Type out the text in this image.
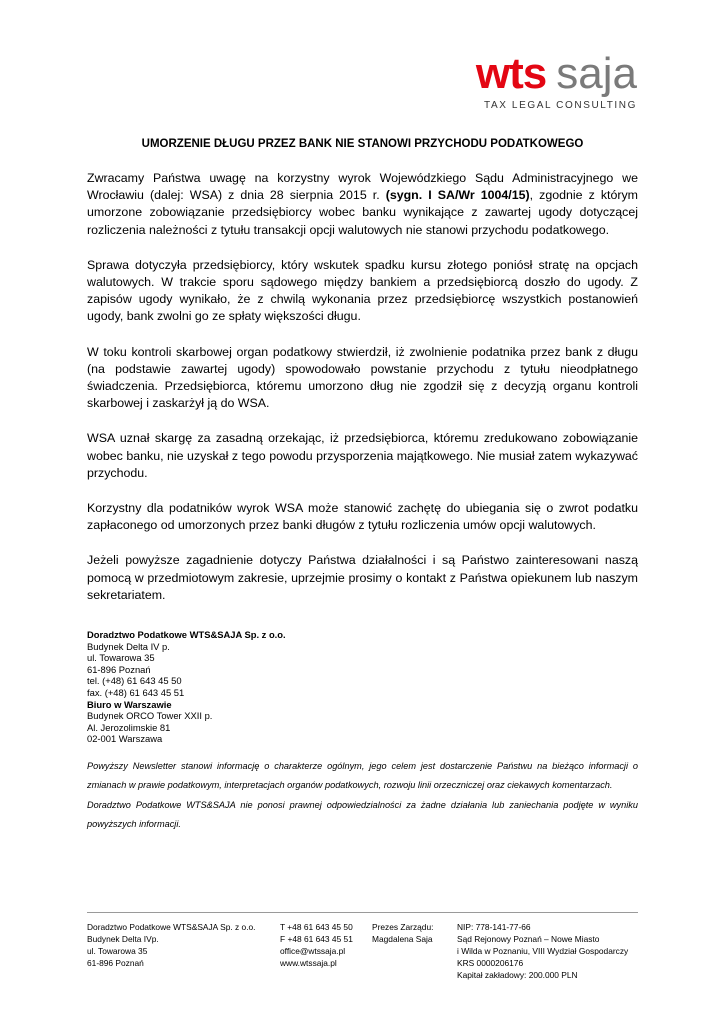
wts saja
TAX LEGAL CONSULTING
UMORZENIE DŁUGU PRZEZ BANK NIE STANOWI PRZYCHODU PODATKOWEGO

Zwracamy Państwa uwagę na korzystny wyrok Wojewódzkiego Sądu Administracyjnego we Wrocławiu (dalej: WSA) z dnia 28 sierpnia 2015 r. (sygn. I SA/Wr 1004/15), zgodnie z którym umorzone zobowiązanie przedsiębiorcy wobec banku wynikające z zawartej ugody dotyczącej rozliczenia należności z tytułu transakcji opcji walutowych nie stanowi przychodu podatkowego.

Sprawa dotyczyła przedsiębiorcy, który wskutek spadku kursu złotego poniósł stratę na opcjach walutowych. W trakcie sporu sądowego między bankiem a przedsiębiorcą doszło do ugody. Z zapisów ugody wynikało, że z chwilą wykonania przez przedsiębiorcę wszystkich postanowień ugody, bank zwolni go ze spłaty większości długu.

W toku kontroli skarbowej organ podatkowy stwierdził, iż zwolnienie podatnika przez bank z długu (na podstawie zawartej ugody) spowodowało powstanie przychodu z tytułu nieodpłatnego świadczenia. Przedsiębiorca, któremu umorzono dług nie zgodził się z decyzją organu kontroli skarbowej i zaskarżył ją do WSA.

WSA uznał skargę za zasadną orzekając, iż przedsiębiorca, któremu zredukowano zobowiązanie wobec banku, nie uzyskał z tego powodu przysporzenia majątkowego. Nie musiał zatem wykazywać przychodu.

Korzystny dla podatników wyrok WSA może stanowić zachętę do ubiegania się o zwrot podatku zapłaconego od umorzonych przez banki długów z tytułu rozliczenia umów opcji walutowych.

Jeżeli powyższe zagadnienie dotyczy Państwa działalności i są Państwo zainteresowani naszą pomocą w przedmiotowym zakresie, uprzejmie prosimy o kontakt z Państwa opiekunem lub naszym sekretariatem.

Doradztwo Podatkowe WTS&SAJA Sp. z o.o.
Budynek Delta IV p.
ul. Towarowa 35
61-896 Poznań
tel. (+48) 61 643 45 50
fax. (+48) 61 643 45 51
Biuro w Warszawie
Budynek ORCO Tower XXII p.
Al. Jerozolimskie 81
02-001 Warszawa

Powyższy Newsletter stanowi informację o charakterze ogólnym, jego celem jest dostarczenie Państwu na bieżąco informacji o zmianach w prawie podatkowym, interpretacjach organów podatkowych, rozwoju linii orzeczniczej oraz ciekawych komentarzach.

Doradztwo Podatkowe WTS&SAJA nie ponosi prawnej odpowiedzialności za żadne działania lub zaniechania podjęte w wyniku powyższych informacji.

Doradztwo Podatkowe WTS&SAJA Sp. z o.o.
Budynek Delta IVp.
ul. Towarowa 35
61-896 Poznań
T +48 61 643 45 50
F +48 61 643 45 51
office@wtssaja.pl
www.wtssaja.pl
Prezes Zarządu:
Magdalena Saja
NIP: 778-141-77-66
Sąd Rejonowy Poznań – Nowe Miasto
i Wilda w Poznaniu, VIII Wydział Gospodarczy
KRS 0000206176
Kapitał zakładowy: 200.000 PLN
